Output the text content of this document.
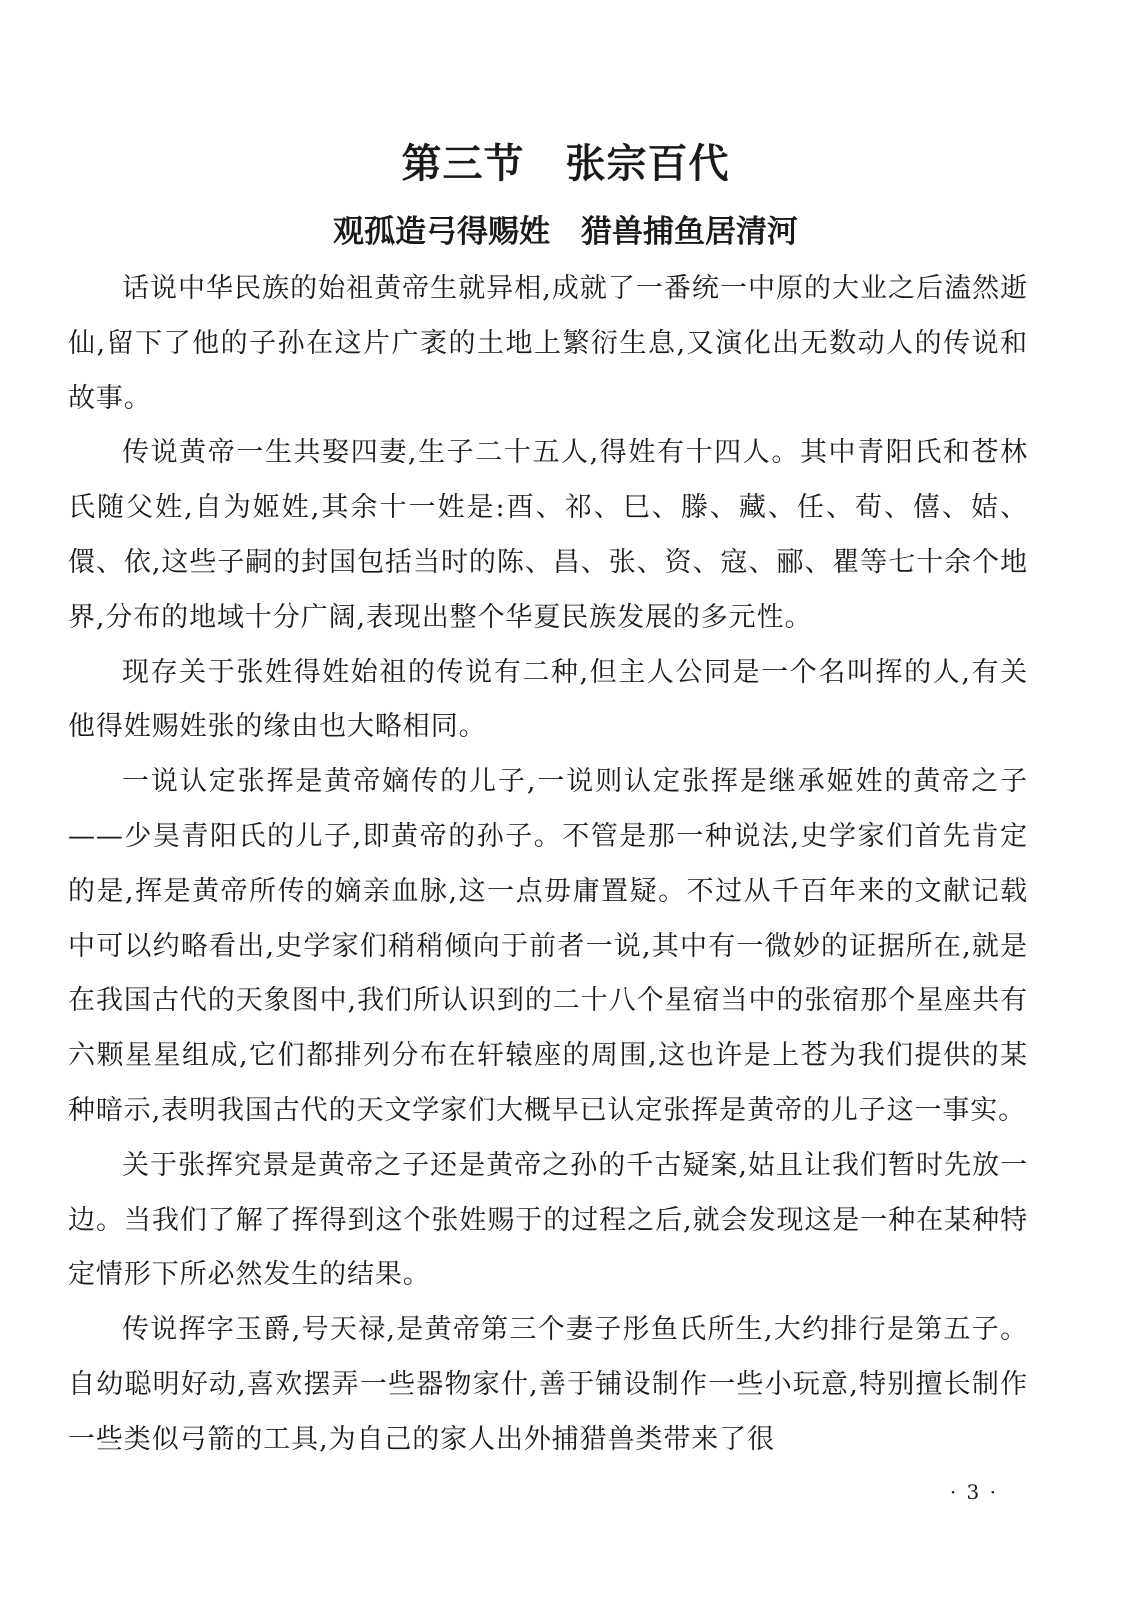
第三节　张宗百代
观孤造弓得赐姓　猎兽捕鱼居清河

话说中华民族的始祖黄帝生就异相,成就了一番统一中原的大业之后溘然逝仙,留下了他的子孙在这片广袤的土地上繁衍生息,又演化出无数动人的传说和故事。

传说黄帝一生共娶四妻,生子二十五人,得姓有十四人。其中青阳氏和苍林氏随父姓,自为姬姓,其余十一姓是:酉、祁、巳、滕、藏、任、荀、僖、姞、儇、依,这些子嗣的封国包括当时的陈、昌、张、资、寇、郦、瞿等七十余个地界,分布的地域十分广阔,表现出整个华夏民族发展的多元性。

现存关于张姓得姓始祖的传说有二种,但主人公同是一个名叫挥的人,有关他得姓赐姓张的缘由也大略相同。

一说认定张挥是黄帝嫡传的儿子,一说则认定张挥是继承姬姓的黄帝之子——少昊青阳氏的儿子,即黄帝的孙子。不管是那一种说法,史学家们首先肯定的是,挥是黄帝所传的嫡亲血脉,这一点毋庸置疑。不过从千百年来的文献记载中可以约略看出,史学家们稍稍倾向于前者一说,其中有一微妙的证据所在,就是在我国古代的天象图中,我们所认识到的二十八个星宿当中的张宿那个星座共有六颗星星组成,它们都排列分布在轩辕座的周围,这也许是上苍为我们提供的某种暗示,表明我国古代的天文学家们大概早已认定张挥是黄帝的儿子这一事实。

关于张挥究景是黄帝之子还是黄帝之孙的千古疑案,姑且让我们暂时先放一边。当我们了解了挥得到这个张姓赐于的过程之后,就会发现这是一种在某种特定情形下所必然发生的结果。

传说挥字玉爵,号天禄,是黄帝第三个妻子彤鱼氏所生,大约排行是第五子。自幼聪明好动,喜欢摆弄一些器物家什,善于铺设制作一些小玩意,特别擅长制作一些类似弓箭的工具,为自己的家人出外捕猎兽类带来了很

· 3 ·
